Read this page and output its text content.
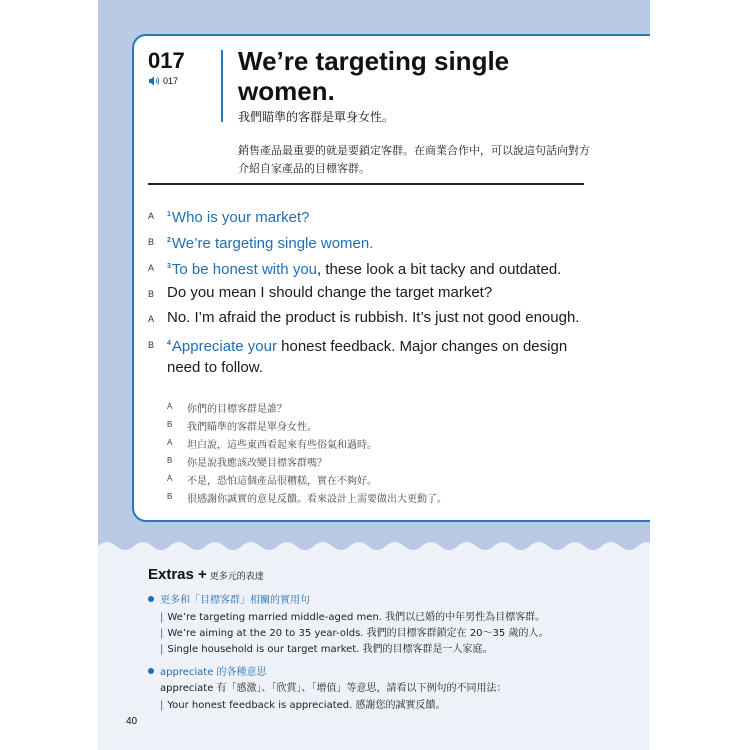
017
017
We’re targeting single women.
我們瞄準的客群是單身女性。
銷售產品最重要的就是要鎖定客群。在商業合作中，可以說這句話向對方介紹自家產品的目標客群。
A $^1$Who is your market?
B $^2$We’re targeting single women.
A $^3$To be honest with you, these look a bit tacky and outdated.
B Do you mean I should change the target market?
A No. I’m afraid the product is rubbish. It’s just not good enough.
B $^4$Appreciate your honest feedback. Major changes on design need to follow.
A 你們的目標客群是誰？
B 我們瞄準的客群是單身女性。
A 坦白說，這些東西看起來有些俗氣和過時。
B 你是說我應該改變目標客群嗎？
A 不是，恐怕這個產品很糟糕，實在不夠好。
B 很感謝你誠實的意見反饋。看來設計上需要做出大更動了。
Extras + 更多元的表達
更多和「目標客群」相關的實用句
| We’re targeting married middle-aged men. 我們以已婚的中年男性為目標客群。
| We’re aiming at the 20 to 35 year-olds. 我們的目標客群鎖定在 20～35 歲的人。
| Single household is our target market. 我們的目標客群是一人家庭。
appreciate 的各種意思
appreciate 有「感激」、「欣賞」、「增值」等意思，請看以下例句的不同用法：
| Your honest feedback is appreciated. 感謝您的誠實反饋。
40
